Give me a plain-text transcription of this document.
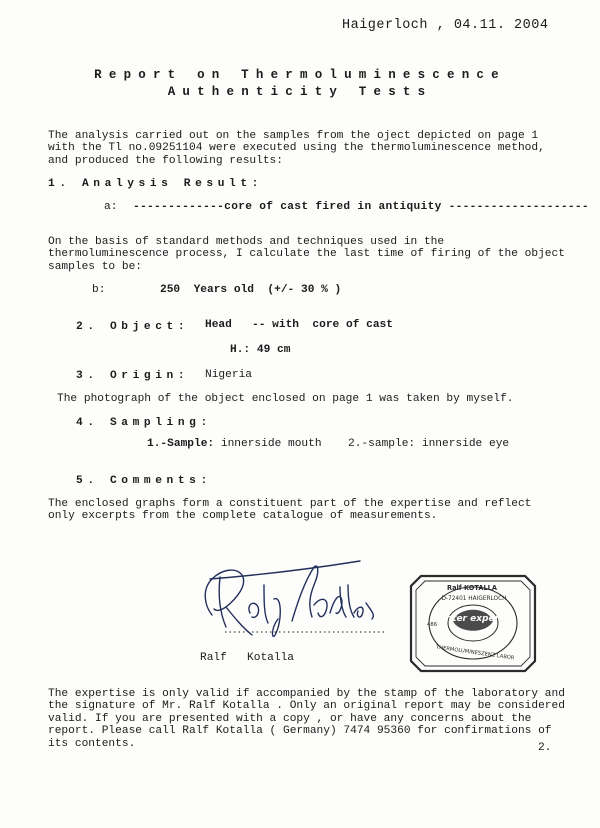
Haigerloch , 04.11. 2004
Report on Thermoluminescence
Authenticity Tests
The analysis carried out on the samples from the oject depicted on page 1 with the Tl no.09251104 were executed using the thermoluminescence method, and produced the following results:
1. Analysis Result:
a: -------------core of cast fired in antiquity --------------------
On the basis of standard methods and techniques used in the thermoluminescence process, I calculate the last time of firing of the object samples to be:
b:	250  Years old  (+/- 30 % )
2. Object: Head   -- with  core of cast
H.: 49 cm
3. Origin: Nigeria
The photograph of the object enclosed on page 1 was taken by myself.
4. Sampling:
1.-Sample: innerside mouth 2.-sample: innerside eye
5. Comments:
The enclosed graphs form a constituent part of the expertise and reflect only excerpts from the complete catalogue of measurements.
Ralf Kotalla
inter expert
Ralf KOTALLA
D-72401 HAIGERLOCH
486
THERMOLUMINESZENZ LABOR
The expertise is only valid if accompanied by the stamp of the laboratory and the signature of Mr. Ralf Kotalla . Only an original report may be considered valid. If you are presented with a copy , or have any concerns about the report. Please call Ralf Kotalla ( Germany) 7474 95360 for confirmations of its contents.	2.
